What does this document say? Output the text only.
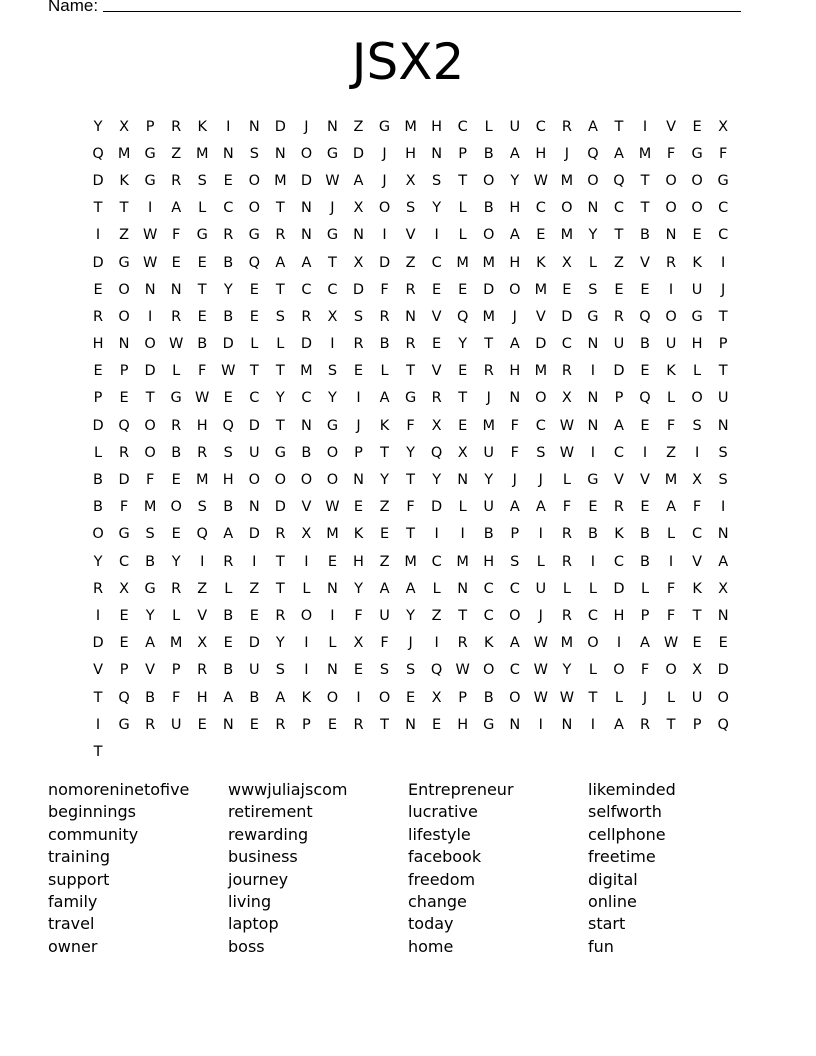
Name:
JSX2
Y	X	P	R	K	I	N	D	J	N	Z	G M H	C	L	U	C	R	A	T	I	V	E	X
Q M G	Z	M N	S	N	O	G	D	J	H	N	P	B	A	H	J	Q	A	M	F	G	F
D	K	G	R	S	E	O M D W A	J	X	S	T	O	Y W M O	Q	T	O	O	G
T	T	I	A	L	C	O	T	N	J	X	O	S	Y	L	B	H	C	O	N	C	T	O	O	C
I	Z W	F	G	R	G	R	N	G	N	I	V	I	L	O	A	E	M	Y	T	B	N	E	C
D	G W E	E	B	Q	A	A	T	X	D	Z	C	M M H	K	X	L	Z	V	R	K	I
E	O	N	N	T	Y	E	T	C	C	D	F	R	E	E	D	O M	E	S	E	E	I	U	J
R	O	I	R	E	B	E	S	R	X	S	R	N	V	Q M	J	V	D	G	R	Q	O	G	T
H	N	O W B	D	L	L	D	I	R	B	R	E	Y	T	A	D	C	N	U	B	U	H	P
E	P	D	L	F	W T	T	M	S	E	L	T	V	E	R	H M	R	I	D	E	K	L	T
P	E	T	G W E	C	Y	C	Y	I	A	G	R	T	J	N	O	X	N	P	Q	L	O	U
D	Q	O	R	H	Q	D	T	N	G	J	K	F	X	E	M	F	C W N	A	E	F	S	N
L	R	O	B	R	S	U	G	B	O	P	T	Y	Q	X	U	F	S W	I	C	I	Z	I	S
B	D	F	E	M H	O	O	O	O	N	Y	T	Y	N	Y	J	J	L	G	V	V	M	X	S
B	F	M O	S	B	N	D	V W E	Z	F	D	L	U	A	A	F	E	R	E	A	F	I
O	G	S	E	Q	A	D	R	X	M	K	E	T	I	I	B	P	I	R	B	K	B	L	C	N
Y	C	B	Y	I	R	I	T	I	E	H	Z	M	C	M H	S	L	R	I	C	B	I	V	A
R	X	G	R	Z	L	Z	T	L	N	Y	A	A	L	N	C	C	U	L	L	D	L	F	K	X
I	E	Y	L	V	B	E	R	O	I	F	U	Y	Z	T	C	O	J	R	C	H	P	F	T	N
D	E	A	M	X	E	D	Y	I	L	X	F	J	I	R	K	A W M O	I	A W E	E
V	P	V	P	R	B	U	S	I	N	E	S	S	Q W O	C W Y	L	O	F	O	X	D
T	Q	B	F	H	A	B	A	K	O	I	O	E	X	P	B	O W W T	L	J	L	U	O
I	G	R	U	E	N	E	R	P	E	R	T	N	E	H	G	N	I	N	I	A	R	T	P	Q
T
nomoreninetofive
beginnings
community
training
support
family
travel
owner
wwwjuliajscom
retirement
rewarding
business
journey
living
laptop
boss
Entrepreneur
lucrative
lifestyle
facebook
freedom
change
today
home
likeminded
selfworth
cellphone
freetime
digital
online
start
fun
